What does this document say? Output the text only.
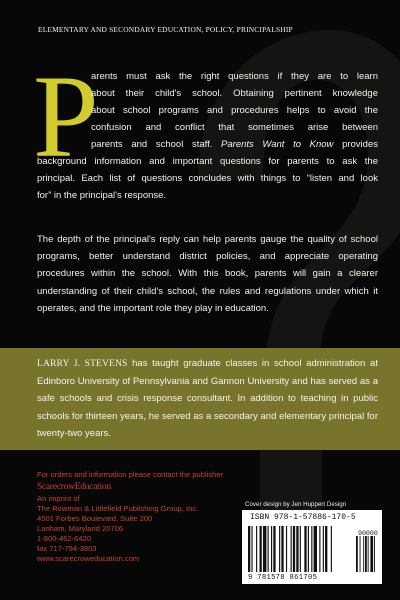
ELEMENTARY AND SECONDARY EDUCATION, POLICY, PRINCIPALSHIP
P
arents must ask the right questions if they are to learn
about their child's school. Obtaining pertinent knowledge
about school programs and procedures helps to avoid the
confusion and conflict that sometimes arise between
parents and school staff. Parents Want to Know provides
background information and important questions for parents to ask the
principal. Each list of questions concludes with things to “listen and look
for” in the principal's response.
The depth of the principal's reply can help parents gauge the quality of school programs, better understand district policies, and appreciate operating procedures within the school. With this book, parents will gain a clearer understanding of their child's school, the rules and regulations under which it operates, and the important role they play in education.
LARRY J. STEVENS has taught graduate classes in school administration at Edinboro University of Pennsylvania and Gannon University and has served as a safe schools and crisis response consultant. In addition to teaching in public schools for thirteen years, he served as a secondary and elementary principal for twenty-two years.
For orders and information please contact the publisher
ScarecrowEducation
An imprint of
The Rowman & Littlefield Publishing Group, Inc.
4501 Forbes Boulevard, Suite 200
Lanham, Maryland 20706
1-800-462-6420
fax 717-794-3803
www.scarecroweducation.com
Cover design by Jen Huppert Design
ISBN 978-1-57886-170-5
90000
9 781578 861705
